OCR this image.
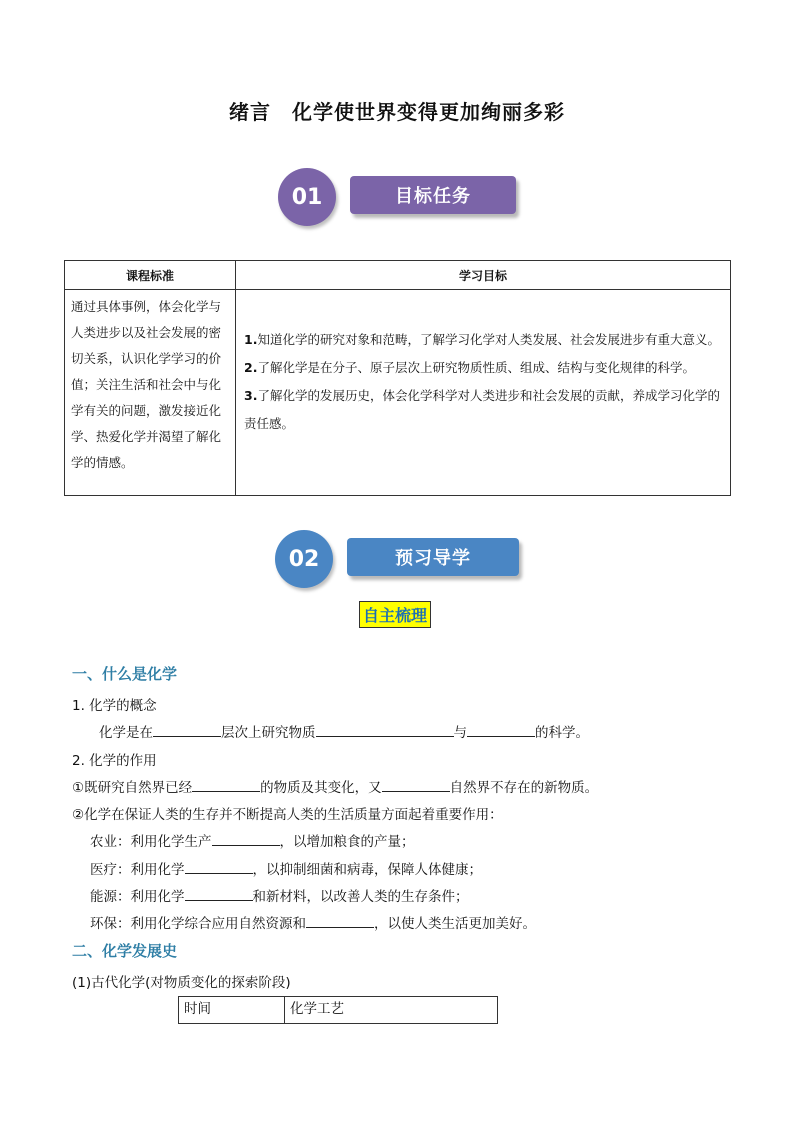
绪言　化学使世界变得更加绚丽多彩
目标任务
01
课程标准	学习目标
通过具体事例，体会化学与人类进步以及社会发展的密切关系，认识化学学习的价值；关注生活和社会中与化学有关的问题，激发接近化学、热爱化学并渴望了解化学的情感。	1.知道化学的研究对象和范畴，了解学习化学对人类发展、社会发展进步有重大意义。
2.了解化学是在分子、原子层次上研究物质性质、组成、结构与变化规律的科学。
3.了解化学的发展历史，体会化学科学对人类进步和社会发展的贡献，养成学习化学的责任感。
预习导学
02
自主梳理
一、什么是化学
1. 化学的概念
化学是在	层次上研究物质	与	的科学。
2. 化学的作用
①既研究自然界已经	的物质及其变化，又	自然界不存在的新物质。
②化学在保证人类的生存并不断提高人类的生活质量方面起着重要作用：
农业：利用化学生产	，以增加粮食的产量；
医疗：利用化学	，以抑制细菌和病毒，保障人体健康；
能源：利用化学	和新材料，以改善人类的生存条件；
环保：利用化学综合应用自然资源和	，以使人类生活更加美好。
二、化学发展史
(1)古代化学(对物质变化的探索阶段)
时间	化学工艺
